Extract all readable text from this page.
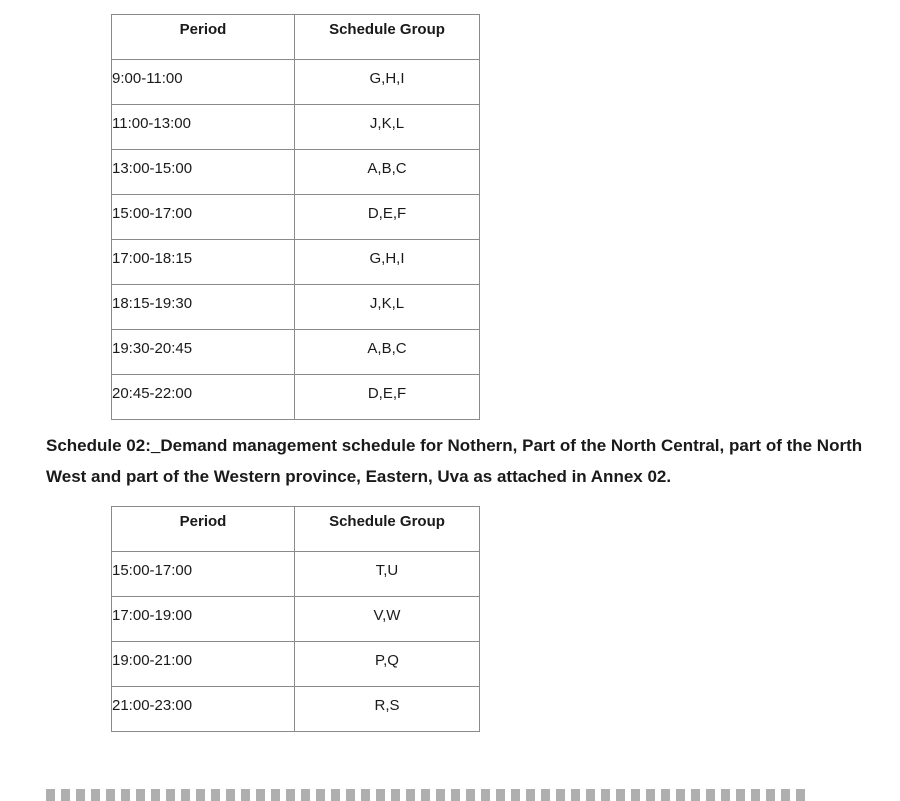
Period	Schedule Group
9:00-11:00	G,H,I
11:00-13:00	J,K,L
13:00-15:00	A,B,C
15:00-17:00	D,E,F
17:00-18:15	G,H,I
18:15-19:30	J,K,L
19:30-20:45	A,B,C
20:45-22:00	D,E,F

Schedule 02:_Demand management schedule for Nothern, Part of the North Central, part of the North West and part of the Western province, Eastern, Uva as attached in Annex 02.

Period	Schedule Group
15:00-17:00	T,U
17:00-19:00	V,W
19:00-21:00	P,Q
21:00-23:00	R,S
